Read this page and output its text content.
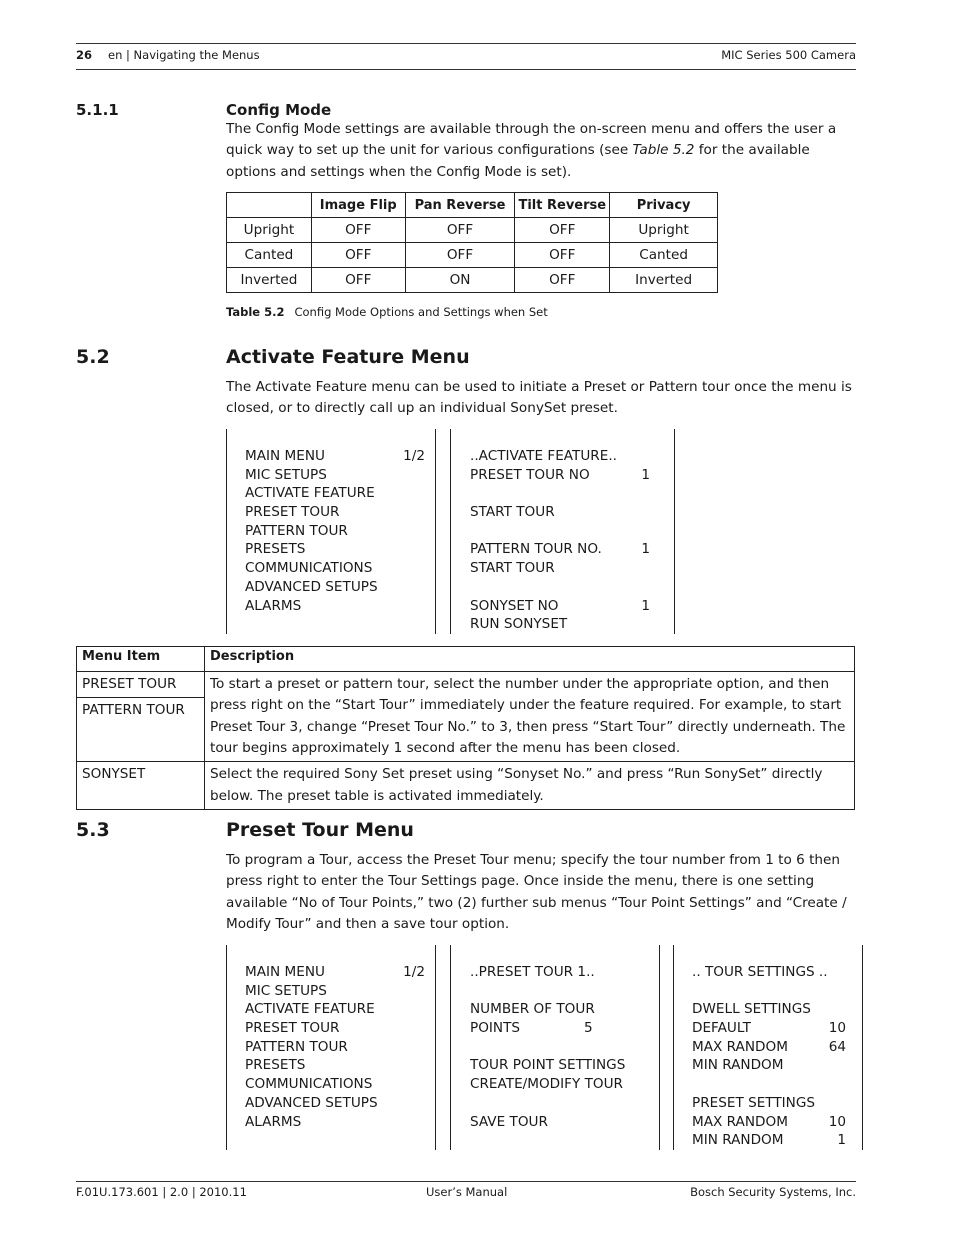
26 en | Navigating the Menus	MIC Series 500 Camera
5.1.1	Config Mode
The Config Mode settings are available through the on-screen menu and offers the user a quick way to set up the unit for various configurations (see Table 5.2 for the available options and settings when the Config Mode is set).
	Image Flip	Pan Reverse	Tilt Reverse	Privacy
Upright	OFF	OFF	OFF	Upright
Canted	OFF	OFF	OFF	Canted
Inverted	OFF	ON	OFF	Inverted
Table 5.2 Config Mode Options and Settings when Set
5.2	Activate Feature Menu
The Activate Feature menu can be used to initiate a Preset or Pattern tour once the menu is closed, or to directly call up an individual SonySet preset.
MAIN MENU	1/2
MIC SETUPS
ACTIVATE FEATURE
PRESET TOUR
PATTERN TOUR
PRESETS
COMMUNICATIONS
ADVANCED SETUPS
ALARMS
..ACTIVATE FEATURE..
PRESET TOUR NO	1
START TOUR
PATTERN TOUR NO.	1
START TOUR
SONYSET NO	1
RUN SONYSET
Menu Item	Description
PRESET TOUR	To start a preset or pattern tour, select the number under the appropriate option, and then press right on the “Start Tour” immediately under the feature required. For example, to start Preset Tour 3, change “Preset Tour No.” to 3, then press “Start Tour” directly underneath. The tour begins approximately 1 second after the menu has been closed.
PATTERN TOUR	
SONYSET	Select the required Sony Set preset using “Sonyset No.” and press “Run SonySet” directly below. The preset table is activated immediately.
5.3	Preset Tour Menu
To program a Tour, access the Preset Tour menu; specify the tour number from 1 to 6 then press right to enter the Tour Settings page. Once inside the menu, there is one setting available “No of Tour Points,” two (2) further sub menus “Tour Point Settings” and “Create / Modify Tour” and then a save tour option.
MAIN MENU	1/2
MIC SETUPS
ACTIVATE FEATURE
PRESET TOUR
PATTERN TOUR
PRESETS
COMMUNICATIONS
ADVANCED SETUPS
ALARMS
..PRESET TOUR 1..
NUMBER OF TOUR
POINTS	5
TOUR POINT SETTINGS
CREATE/MODIFY TOUR
SAVE TOUR
.. TOUR SETTINGS ..
DWELL SETTINGS
DEFAULT	10
MAX RANDOM	64
MIN RANDOM
PRESET SETTINGS
MAX RANDOM	10
MIN RANDOM	1
F.01U.173.601 | 2.0 | 2010.11	User’s Manual	Bosch Security Systems, Inc.
